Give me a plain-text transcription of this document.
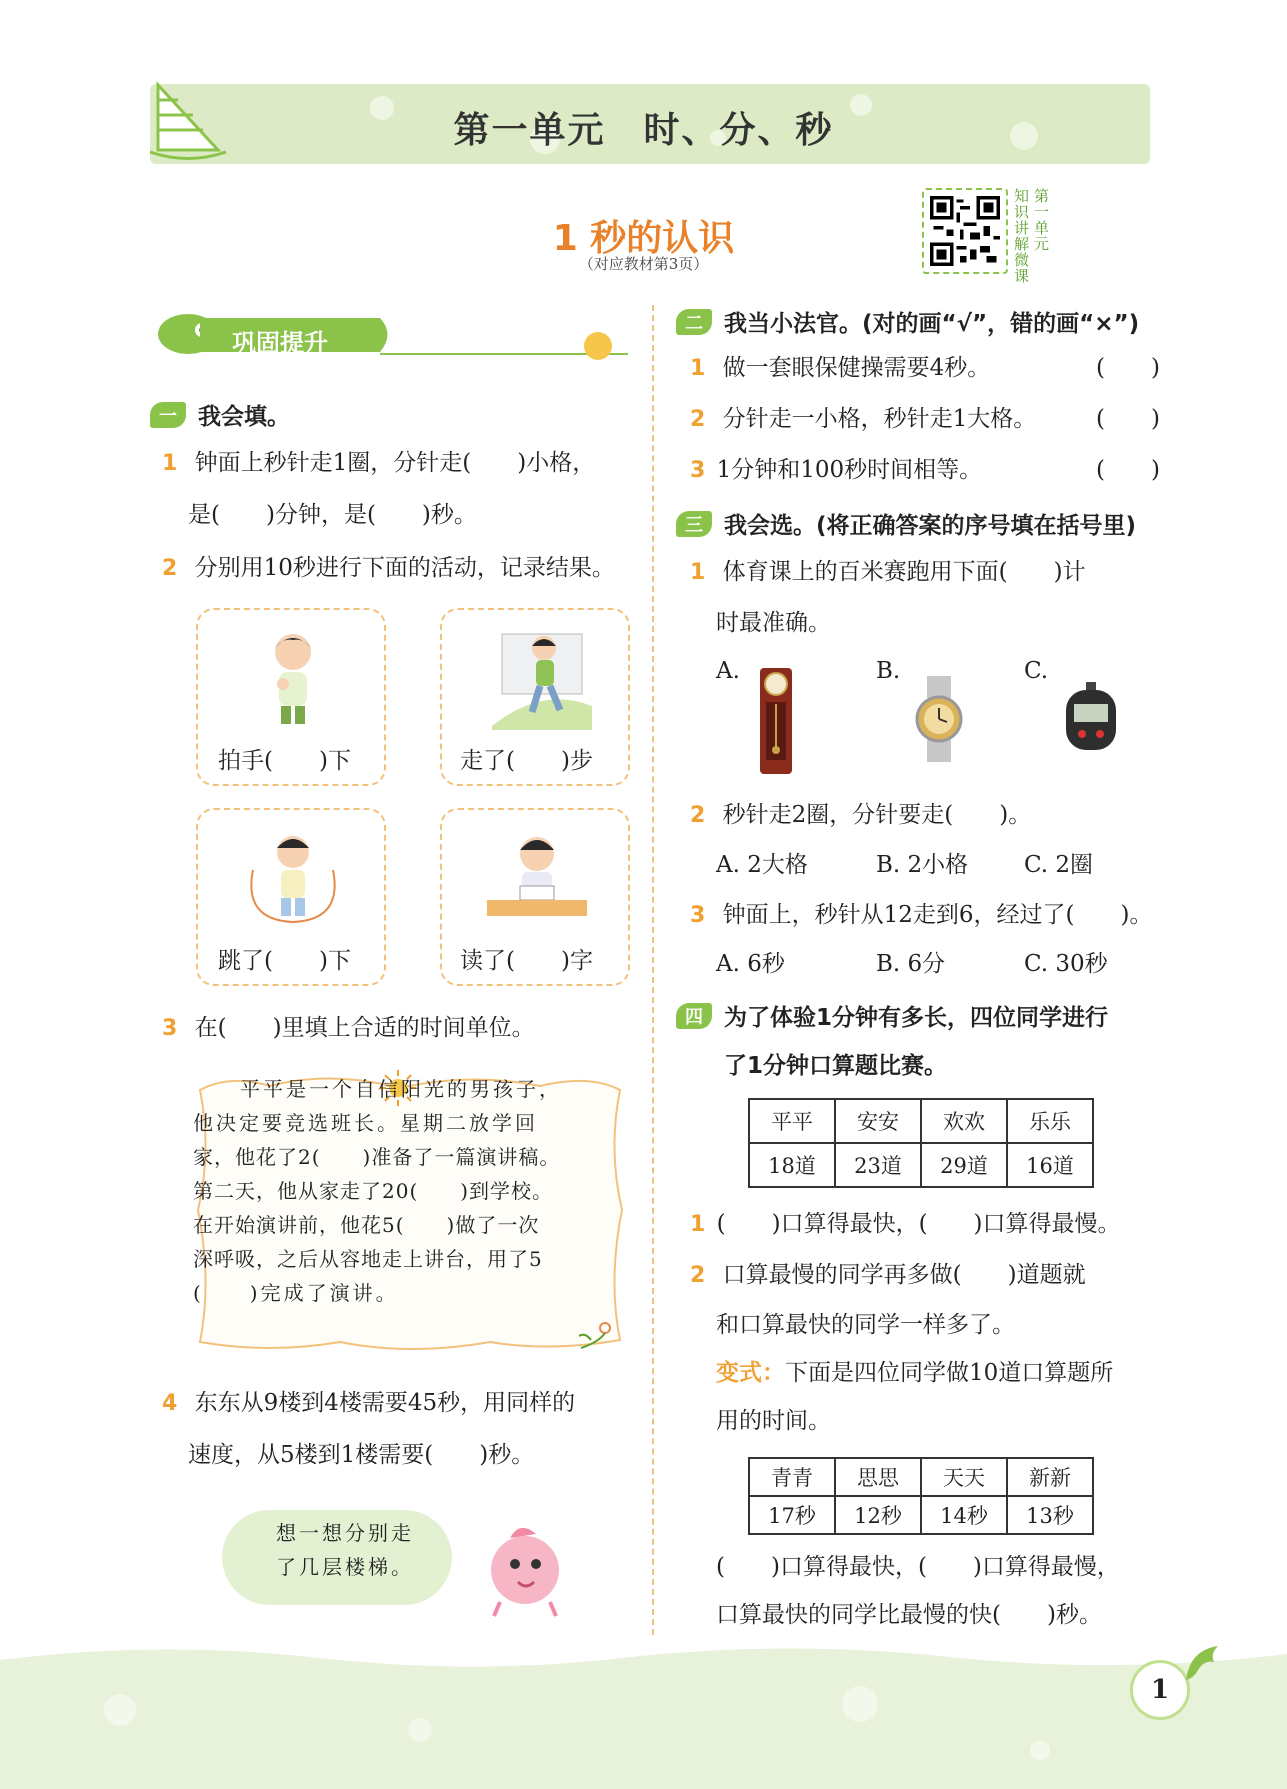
第一单元　时、分、秒
1 秒的认识
（对应教材第3页）	知识讲解微课 第一单元
巩固提升
一 我会填。
1 钟面上秒针走1圈，分针走(　　)小格，
是(　　)分钟，是(　　)秒。
2 分别用10秒进行下面的活动，记录结果。
拍手(　　)下	走了(　　)步
跳了(　　)下	读了(　　)字
3 在(　　)里填上合适的时间单位。
　平平是一个自信阳光的男孩子，
他决定要竞选班长。星期二放学回
家，他花了2(　　)准备了一篇演讲稿。
第二天，他从家走了20(　　)到学校。
在开始演讲前，他花5(　　)做了一次
深呼吸，之后从容地走上讲台，用了5
(　　)完成了演讲。
4 东东从9楼到4楼需要45秒，用同样的
速度，从5楼到1楼需要(　　)秒。
想一想分别走
了几层楼梯。
二 我当小法官。(对的画“√”，错的画“×”)
1 做一套眼保健操需要4秒。	(　　)
2 分针走一小格，秒针走1大格。	(　　)
3 1分钟和100秒时间相等。	(　　)
三 我会选。(将正确答案的序号填在括号里)
1 体育课上的百米赛跑用下面(　　)计
时最准确。
A.	B.	C.
2 秒针走2圈，分针要走(　　)。
A. 2大格	B. 2小格 C. 2圈
3 钟面上，秒针从12走到6，经过了(　　)。
A. 6秒	B. 6分	C. 30秒
四 为了体验1分钟有多长，四位同学进行
了1分钟口算题比赛。
平平	安安	欢欢	乐乐
18道	23道	29道	16道
1 (　　)口算得最快，(　　)口算得最慢。
2 口算最慢的同学再多做(　　)道题就
和口算最快的同学一样多了。
变式：下面是四位同学做10道口算题所
用的时间。
青青	思思	天天	新新
17秒	12秒	14秒	13秒
(　　)口算得最快，(　　)口算得最慢，
口算最快的同学比最慢的快(　　)秒。
1
